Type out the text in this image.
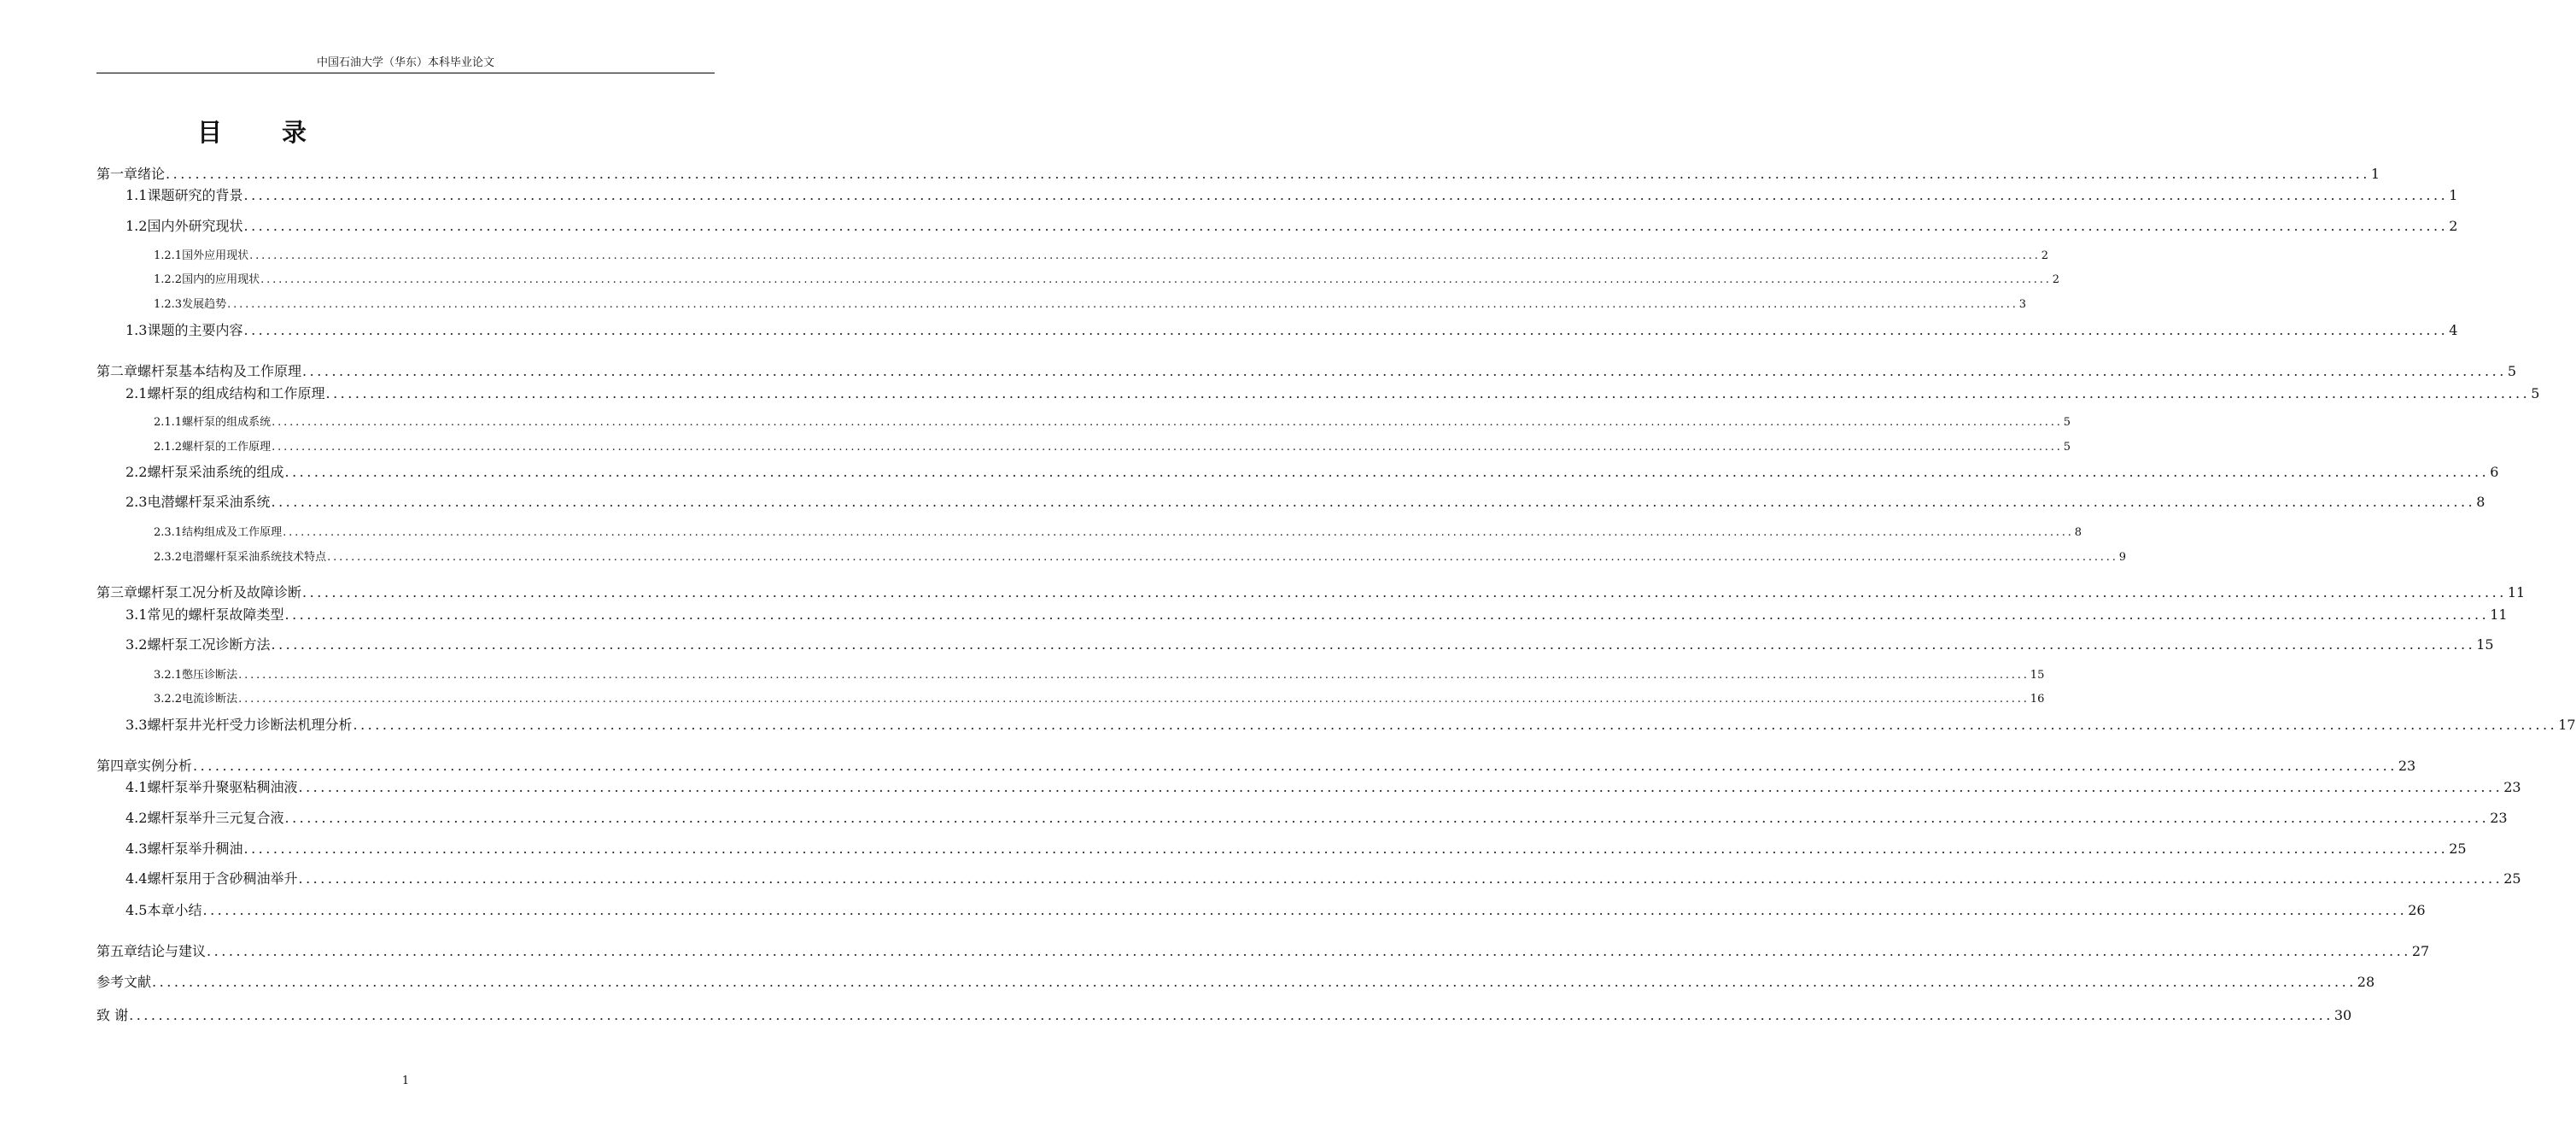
中国石油大学（华东）本科毕业论文
目 录
第一章 绪论 ............................................................................................................................................................................................................................................................................................................ 1
1.1 课题研究的背景 ............................................................................................................................................................................................................................................................................................................ 1
1.2 国内外研究现状 ............................................................................................................................................................................................................................................................................................................ 2
1.2.1 国外应用现状 ............................................................................................................................................................................................................................................................................................................ 2
1.2.2 国内的应用现状 ............................................................................................................................................................................................................................................................................................................ 2
1.2.3 发展趋势 ............................................................................................................................................................................................................................................................................................................ 3
1.3 课题的主要内容 ............................................................................................................................................................................................................................................................................................................ 4
第二章 螺杆泵基本结构及工作原理 ............................................................................................................................................................................................................................................................................................................ 5
2.1 螺杆泵的组成结构和工作原理 ............................................................................................................................................................................................................................................................................................................ 5
2.1.1 螺杆泵的组成系统 ............................................................................................................................................................................................................................................................................................................ 5
2.1.2 螺杆泵的工作原理 ............................................................................................................................................................................................................................................................................................................ 5
2.2 螺杆泵采油系统的组成 ............................................................................................................................................................................................................................................................................................................ 6
2.3 电潜螺杆泵采油系统 ............................................................................................................................................................................................................................................................................................................ 8
2.3.1 结构组成及工作原理 ............................................................................................................................................................................................................................................................................................................ 8
2.3.2 电潜螺杆泵采油系统技术特点 ............................................................................................................................................................................................................................................................................................................ 9
第三章 螺杆泵工况分析及故障诊断 ............................................................................................................................................................................................................................................................................................................ 11
3.1 常见的螺杆泵故障类型 ............................................................................................................................................................................................................................................................................................................ 11
3.2 螺杆泵工况诊断方法 ............................................................................................................................................................................................................................................................................................................ 15
3.2.1 憋压诊断法 ............................................................................................................................................................................................................................................................................................................ 15
3.2.2 电流诊断法 ............................................................................................................................................................................................................................................................................................................ 16
3.3 螺杆泵井光杆受力诊断法机理分析 ............................................................................................................................................................................................................................................................................................................ 17
第四章 实例分析 ............................................................................................................................................................................................................................................................................................................ 23
4.1 螺杆泵举升聚驱粘稠油液 ............................................................................................................................................................................................................................................................................................................ 23
4.2 螺杆泵举升三元复合液 ............................................................................................................................................................................................................................................................................................................ 23
4.3 螺杆泵举升稠油 ............................................................................................................................................................................................................................................................................................................ 25
4.4 螺杆泵用于含砂稠油举升 ............................................................................................................................................................................................................................................................................................................ 25
4.5 本章小结 ............................................................................................................................................................................................................................................................................................................ 26
第五章 结论与建议 ............................................................................................................................................................................................................................................................................................................ 27
参考文献 ............................................................................................................................................................................................................................................................................................................ 28
致 谢 ............................................................................................................................................................................................................................................................................................................ 30
1
